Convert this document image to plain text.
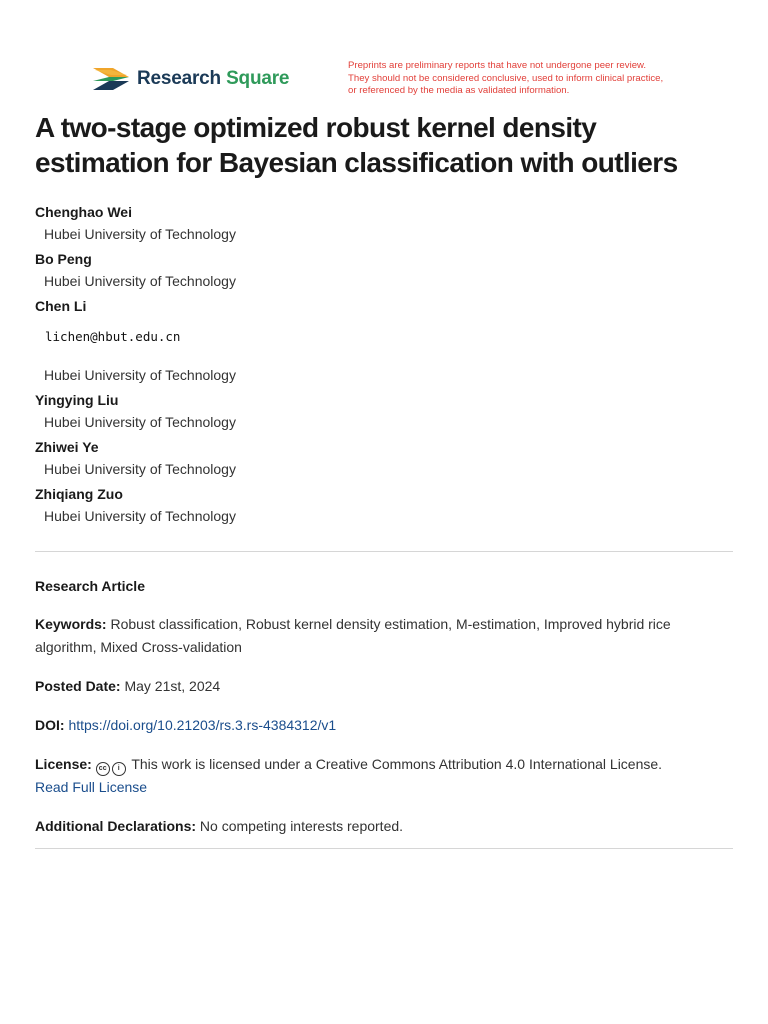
Research Square
Preprints are preliminary reports that have not undergone peer review.
They should not be considered conclusive, used to inform clinical practice,
or referenced by the media as validated information.
A two-stage optimized robust kernel density estimation for Bayesian classification with outliers
Chenghao Wei
Hubei University of Technology
Bo Peng
Hubei University of Technology
Chen Li
lichen@hbut.edu.cn
Hubei University of Technology
Yingying Liu
Hubei University of Technology
Zhiwei Ye
Hubei University of Technology
Zhiqiang Zuo
Hubei University of Technology
Research Article
Keywords: Robust classification, Robust kernel density estimation, M-estimation, Improved hybrid rice algorithm, Mixed Cross-validation
Posted Date: May 21st, 2024
DOI: https://doi.org/10.21203/rs.3.rs-4384312/v1
License: cc i This work is licensed under a Creative Commons Attribution 4.0 International License.
Read Full License
Additional Declarations: No competing interests reported.
